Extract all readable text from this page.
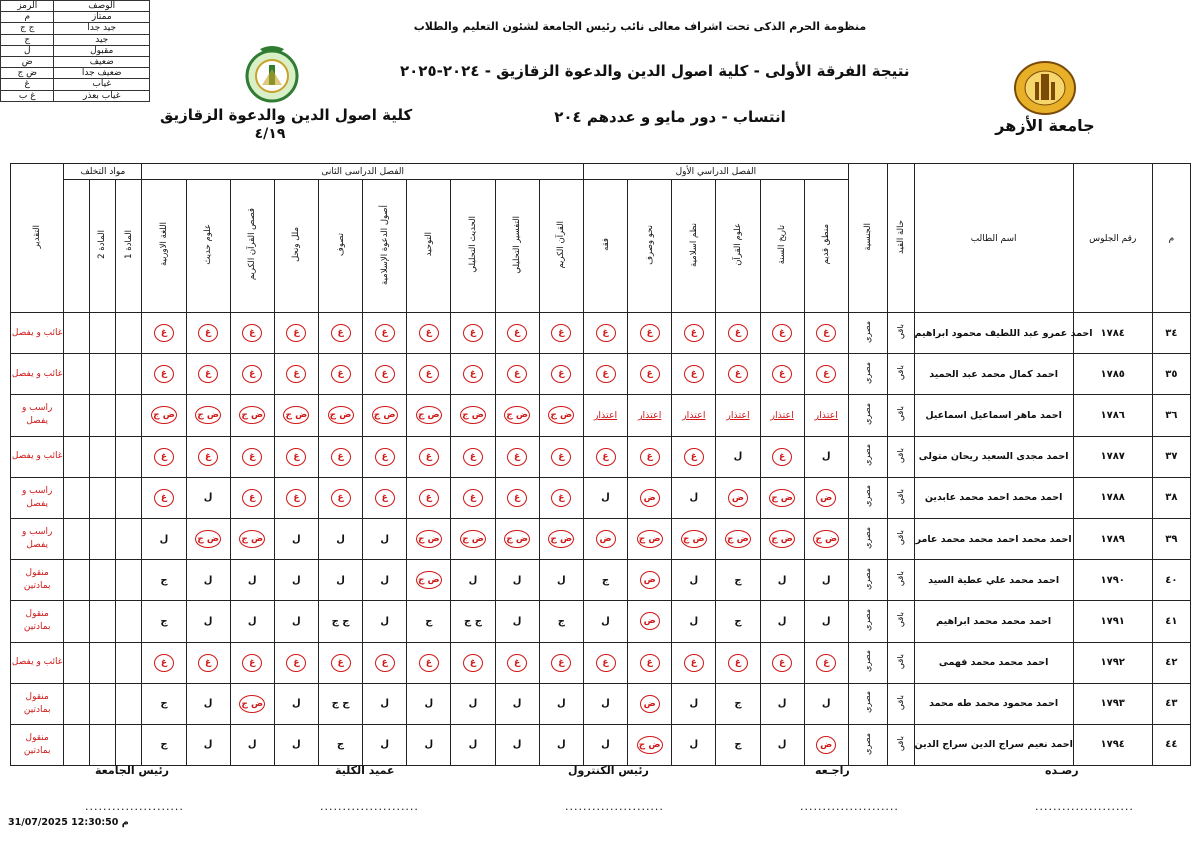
منظومة الحرم الذكى تحت اشراف معالى نائب رئيس الجامعة لشئون التعليم والطلاب
نتيجة الفرقة الأولى - كلية اصول الدين والدعوة الزقازيق - ٢٠٢٤-٢٠٢٥
انتساب - دور مايو و عددهم ٢٠٤	جامعة الأزهر
كلية اصول الدين والدعوة الزقازيق
٤/١٩
الرمز	الوصف
م	ممتاز
ج ج	جيد جدا
ج	جيد
ل	مقبول
ض	ضعيف
ض ج	ضعيف جدا
غ	غياب
غ ب	غياب بعذر
التقدير	مواد التخلف			الفصل الدراسى الثانى										الفصل الدراسي الأول						الجنسية	حالة القيد	اسم الطالب	رقم الجلوس	م
		المادة 2	المادة 1	اللغة الاوربية	علوم حديث	قصص القرآن الكريم	ملل ونحل	تصوف	أصول الدعوة الإسلامية	التوحيد	الحديث التحليلي	التفسير التحليلي	القرآن الكريم	فقه	نحو وصرف	نظم اسلامية	علوم القرآن	تاريخ السنة	منطق قديم					
غائب و يفصل				غ	غ	غ	غ	غ	غ	غ	غ	غ	غ	غ	غ	غ	غ	غ	غ	مصري	باقي	احمد عمرو عبد اللطيف محمود ابراهيم	١٧٨٤	٣٤
غائب و يفصل				غ	غ	غ	غ	غ	غ	غ	غ	غ	غ	غ	غ	غ	غ	غ	غ	مصري	باقي	احمد كمال محمد عبد الحميد	١٧٨٥	٣٥
راسب و يفصل				ض ج	ض ج	ض ج	ض ج	ض ج	ض ج	ض ج	ض ج	ض ج	ض ج	اعتذار	اعتذار	اعتذار	اعتذار	اعتذار	اعتذار	مصري	باقي	احمد ماهر اسماعيل اسماعيل	١٧٨٦	٣٦
غائب و يفصل				غ	غ	غ	غ	غ	غ	غ	غ	غ	غ	غ	غ	غ	ل	غ	ل	مصري	باقي	احمد مجدى السعيد ريحان متولى	١٧٨٧	٣٧
راسب و يفصل				غ	ل	غ	غ	غ	غ	غ	غ	غ	غ	ل	ض	ل	ض	ض ج	ض	مصري	باقي	احمد محمد احمد محمد عابدين	١٧٨٨	٣٨
راسب و يفصل				ل	ض ج	ض ج	ل	ل	ل	ض ج	ض ج	ض ج	ض ج	ض	ض ج	ض ج	ض ج	ض ج	ض ج	مصري	باقي	احمد محمد احمد محمد محمد عامر	١٧٨٩	٣٩
منقول بمادتين				ج	ل	ل	ل	ل	ل	ض ج	ل	ل	ل	ج	ض	ل	ج	ل	ل	مصري	باقي	احمد محمد علي عطية السيد	١٧٩٠	٤٠
منقول بمادتين				ج	ل	ل	ل	ج ج	ل	ج	ج ج	ل	ج	ل	ض	ل	ج	ل	ل	مصري	باقي	احمد محمد محمد ابراهيم	١٧٩١	٤١
غائب و يفصل				غ	غ	غ	غ	غ	غ	غ	غ	غ	غ	غ	غ	غ	غ	غ	غ	مصري	باقي	احمد محمد محمد فهمى	١٧٩٢	٤٢
منقول بمادتين				ج	ل	ض ج	ل	ج ج	ل	ل	ل	ل	ل	ل	ض	ل	ج	ل	ل	مصري	باقي	احمد محمود محمد طه محمد	١٧٩٣	٤٣
منقول بمادتين				ج	ل	ل	ل	ج	ل	ل	ل	ل	ل	ل	ض ج	ل	ج	ل	ض	مصري	باقي	احمد نعيم سراج الدين سراج الدين	١٧٩٤	٤٤
رصـده
راجـعه
رئيس الكنترول
عميد الكلية
رئيس الجامعة
......................
......................
......................
......................
......................
31/07/2025 12:30:50 م
